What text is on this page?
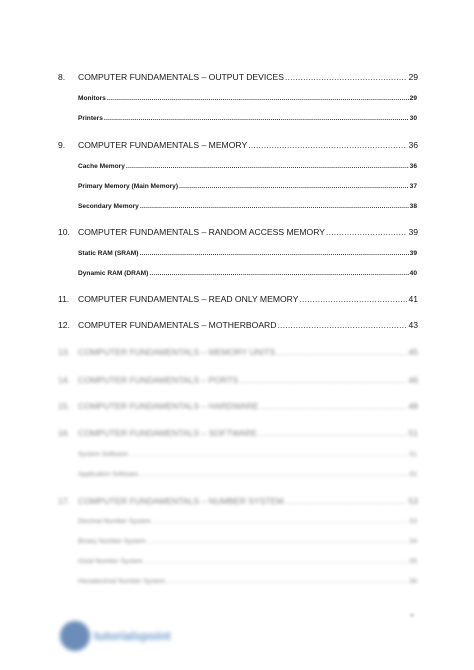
8.	COMPUTER FUNDAMENTALS – OUTPUT DEVICES .....	29
Monitors .....	29
Printers .....	30
9.	COMPUTER FUNDAMENTALS – MEMORY .....	36
Cache Memory .....	36
Primary Memory (Main Memory) .....	37
Secondary Memory .....	38
10. COMPUTER FUNDAMENTALS – RANDOM ACCESS MEMORY .....	39
Static RAM (SRAM) .....	39
Dynamic RAM (DRAM) .....	40
11.	COMPUTER FUNDAMENTALS – READ ONLY MEMORY .....	41
12. COMPUTER FUNDAMENTALS – MOTHERBOARD .....	43
13. COMPUTER FUNDAMENTALS – MEMORY UNITS .....	45
14. COMPUTER FUNDAMENTALS – PORTS .....	46
15. COMPUTER FUNDAMENTALS – HARDWARE .....	48
16. COMPUTER FUNDAMENTALS – SOFTWARE .....	51
System Software .....	51
Application Software .....	52
17. COMPUTER FUNDAMENTALS – NUMBER SYSTEM .....	53
Decimal Number System .....	53
Binary Number System .....	54
Octal Number System .....	55
Hexadecimal Number System .....	56
iii
tutorialspoint
